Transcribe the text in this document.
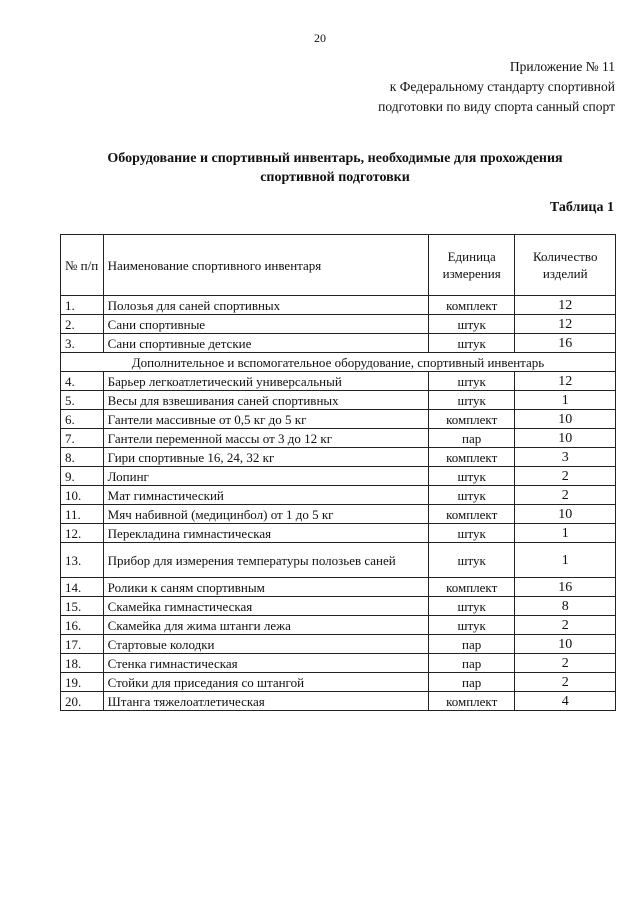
20
Приложение № 11
к Федеральному стандарту спортивной
подготовки по виду спорта санный спорт
Оборудование и спортивный инвентарь, необходимые для прохождения
спортивной подготовки
Таблица 1
№ п/п	Наименование спортивного инвентаря	Единица измерения	Количество изделий
1.	Полозья для саней спортивных	комплект	12
2.	Сани спортивные	штук	12
3.	Сани спортивные детские	штук	16
Дополнительное и вспомогательное оборудование, спортивный инвентарь			
4.	Барьер легкоатлетический универсальный	штук	12
5.	Весы для взвешивания саней спортивных	штук	1
6.	Гантели массивные от 0,5 кг до 5 кг	комплект	10
7.	Гантели переменной массы от 3 до 12 кг	пар	10
8.	Гири спортивные 16, 24, 32 кг	комплект	3
9.	Лопинг	штук	2
10.	Мат гимнастический	штук	2
11.	Мяч набивной (медицинбол) от 1 до 5 кг	комплект	10
12.	Перекладина гимнастическая	штук	1
13.	Прибор для измерения температуры полозьев саней	штук	1
14.	Ролики к саням спортивным	комплект	16
15.	Скамейка гимнастическая	штук	8
16.	Скамейка для жима штанги лежа	штук	2
17.	Стартовые колодки	пар	10
18.	Стенка гимнастическая	пар	2
19.	Стойки для приседания со штангой	пар	2
20.	Штанга тяжелоатлетическая	комплект	4
